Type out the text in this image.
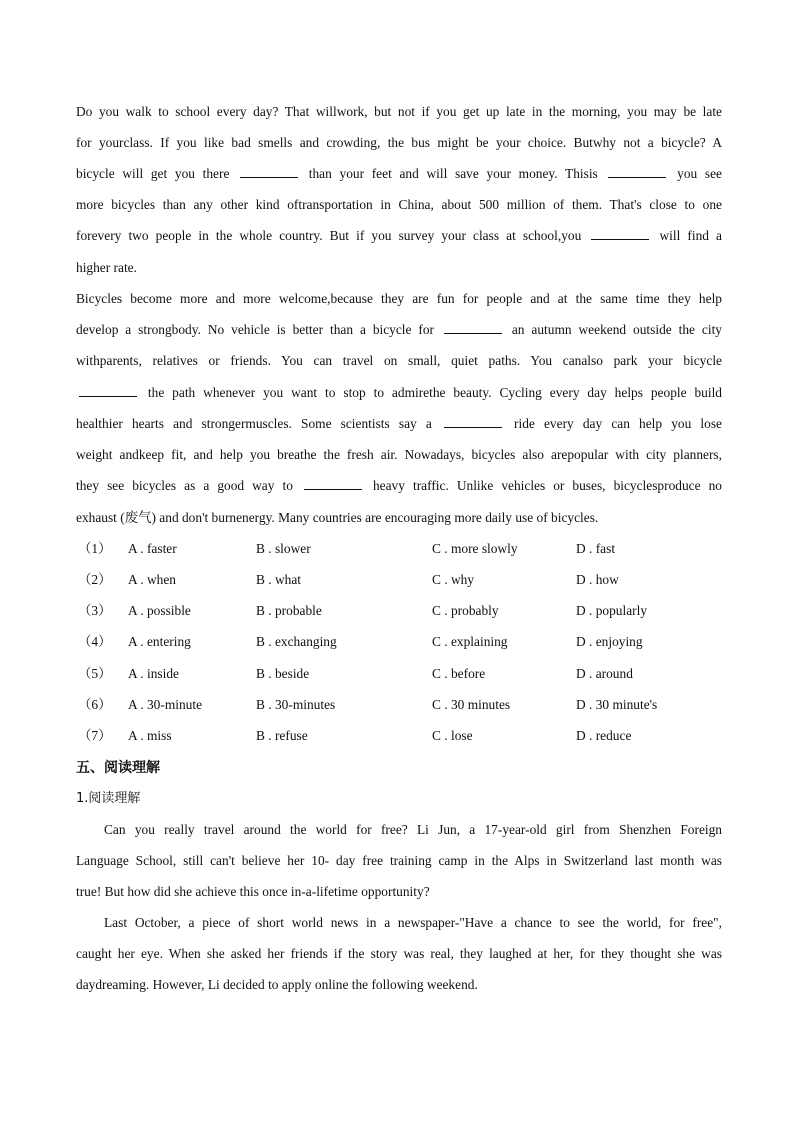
Do you walk to school every day? That willwork, but not if you get up late in the morning, you may be late
for yourclass. If you like bad smells and crowding, the bus might be your choice. Butwhy not a bicycle? A
bicycle will get you there	than your feet and will save your money. Thisis	you see
more bicycles than any other kind oftransportation in China, about 500 million of them. That's close to one
forevery two people in the whole country. But if you survey your class at school,you	will find a
higher rate.
Bicycles become more and more welcome,because they are fun for people and at the same time they help
develop a strongbody. No vehicle is better than a bicycle for	an autumn weekend outside the city
withparents, relatives or friends. You can travel on small, quiet paths. You canalso park your bicycle
the path whenever you want to stop to admirethe beauty. Cycling every day helps people build
healthier hearts and strongermuscles. Some scientists say a	ride every day can help you lose
weight andkeep fit, and help you breathe the fresh air. Nowadays, bicycles also arepopular with city planners,
they see bicycles as a good way to	heavy traffic. Unlike vehicles or buses, bicyclesproduce no
exhaust (废气) and don't burnenergy. Many countries are encouraging more daily use of bicycles.
（1） A . faster	B . slower	C . more slowly	D . fast
（2） A . when	B . what	C . why	D . how
（3） A . possible	B . probable	C . probably	D . popularly
（4） A . entering	B . exchanging	C . explaining	D . enjoying
（5） A . inside	B . beside	C . before	D . around
（6） A . 30-minute	B . 30-minutes	C . 30 minutes	D . 30 minute's
（7） A . miss	B . refuse	C . lose	D . reduce
五、阅读理解
1.阅读理解
Can you really travel around the world for free? Li Jun, a 17-year-old girl from Shenzhen Foreign
Language School, still can't believe her 10- day free training camp in the Alps in Switzerland last month was
true! But how did she achieve this once in-a-lifetime opportunity?
Last October, a piece of short world news in a newspaper-"Have a chance to see the world, for free",
caught her eye. When she asked her friends if the story was real, they laughed at her, for they thought she was
daydreaming. However, Li decided to apply online the following weekend.
